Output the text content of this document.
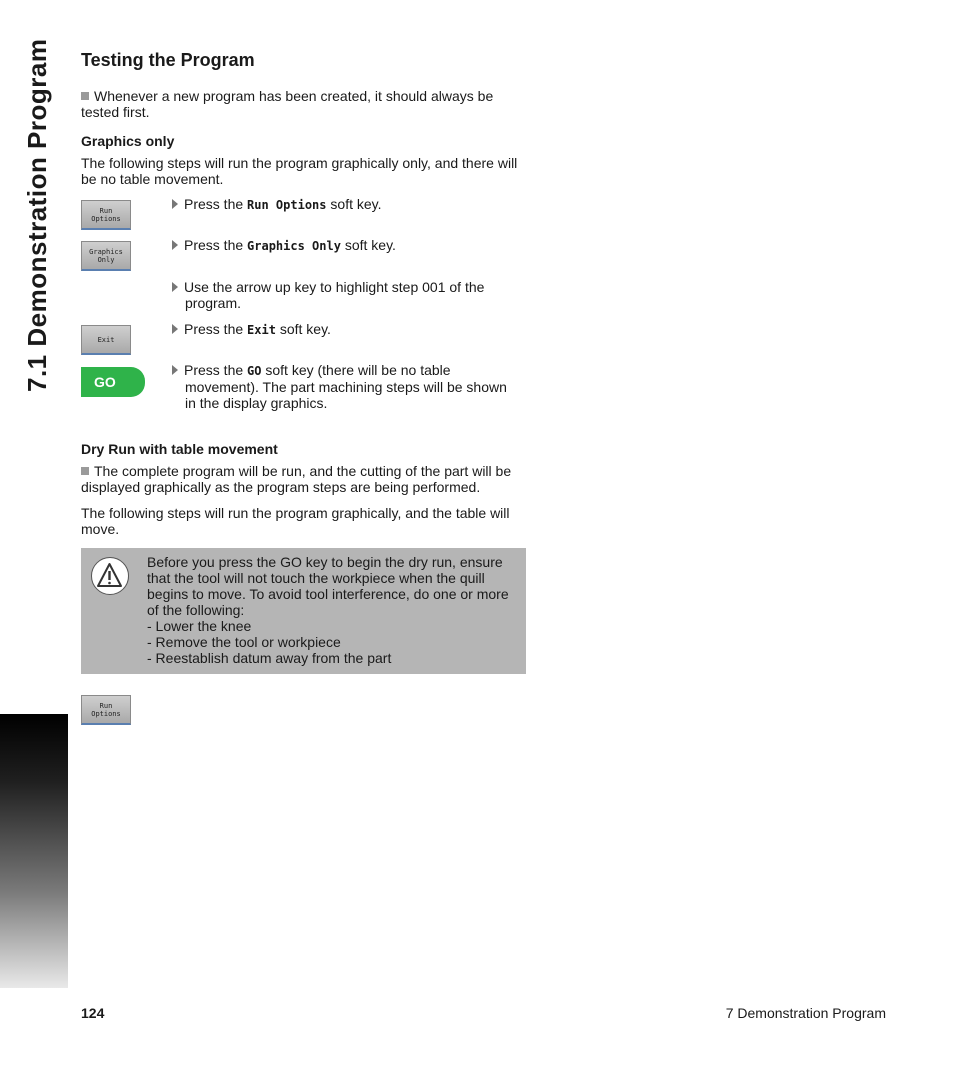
7.1 Demonstration Program Testing the Program
Whenever a new program has been created, it should always be tested first.
Graphics only
The following steps will run the program graphically only, and there will be no table movement.
Run
Options
Graphics
Only
Exit
GO
Press the Run Options soft key.
Press the Graphics Only soft key.
Use the arrow up key to highlight step 001 of the
program.
Press the Exit soft key.
Press the GO soft key (there will be no table
movement). The part machining steps will be shown
in the display graphics.
Dry Run with table movement
The complete program will be run, and the cutting of the part will be displayed graphically as the program steps are being performed.
The following steps will run the program graphically, and the table will move.
Before you press the GO key to begin the dry run, ensure
that the tool will not touch the workpiece when the quill
begins to move. To avoid tool interference, do one or more
of the following:
- Lower the knee
- Remove the tool or workpiece
- Reestablish datum away from the part
Run
Options
124	7 Demonstration Program
